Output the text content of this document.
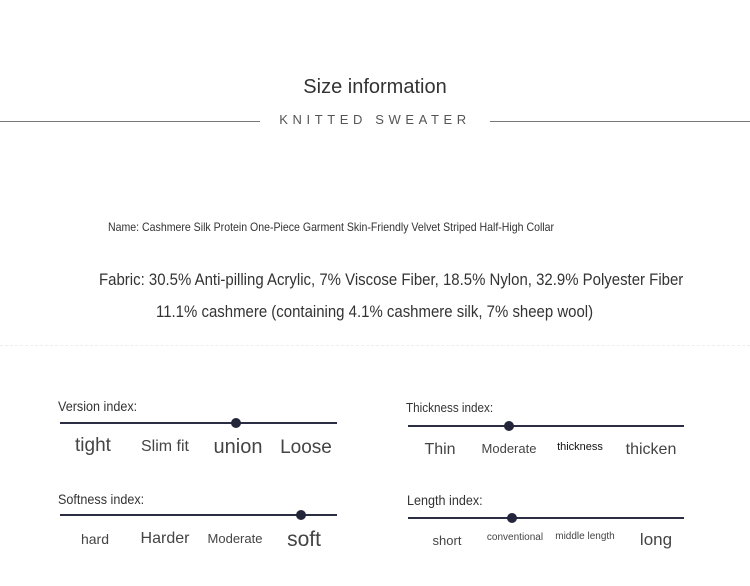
Size information
KNITTED SWEATER
Name: Cashmere Silk Protein One-Piece Garment Skin-Friendly Velvet Striped Half-High Collar
Fabric: 30.5% Anti-pilling Acrylic, 7% Viscose Fiber, 18.5% Nylon, 32.9% Polyester Fiber
11.1% cashmere (containing 4.1% cashmere silk, 7% sheep wool)
Version index:
tight	Slim fit	union Loose
Thickness index:
Thin	Moderate	thickness	thicken
Softness index:
hard	Harder	Moderate	soft
Length index:
short	conventional	middle length	long
